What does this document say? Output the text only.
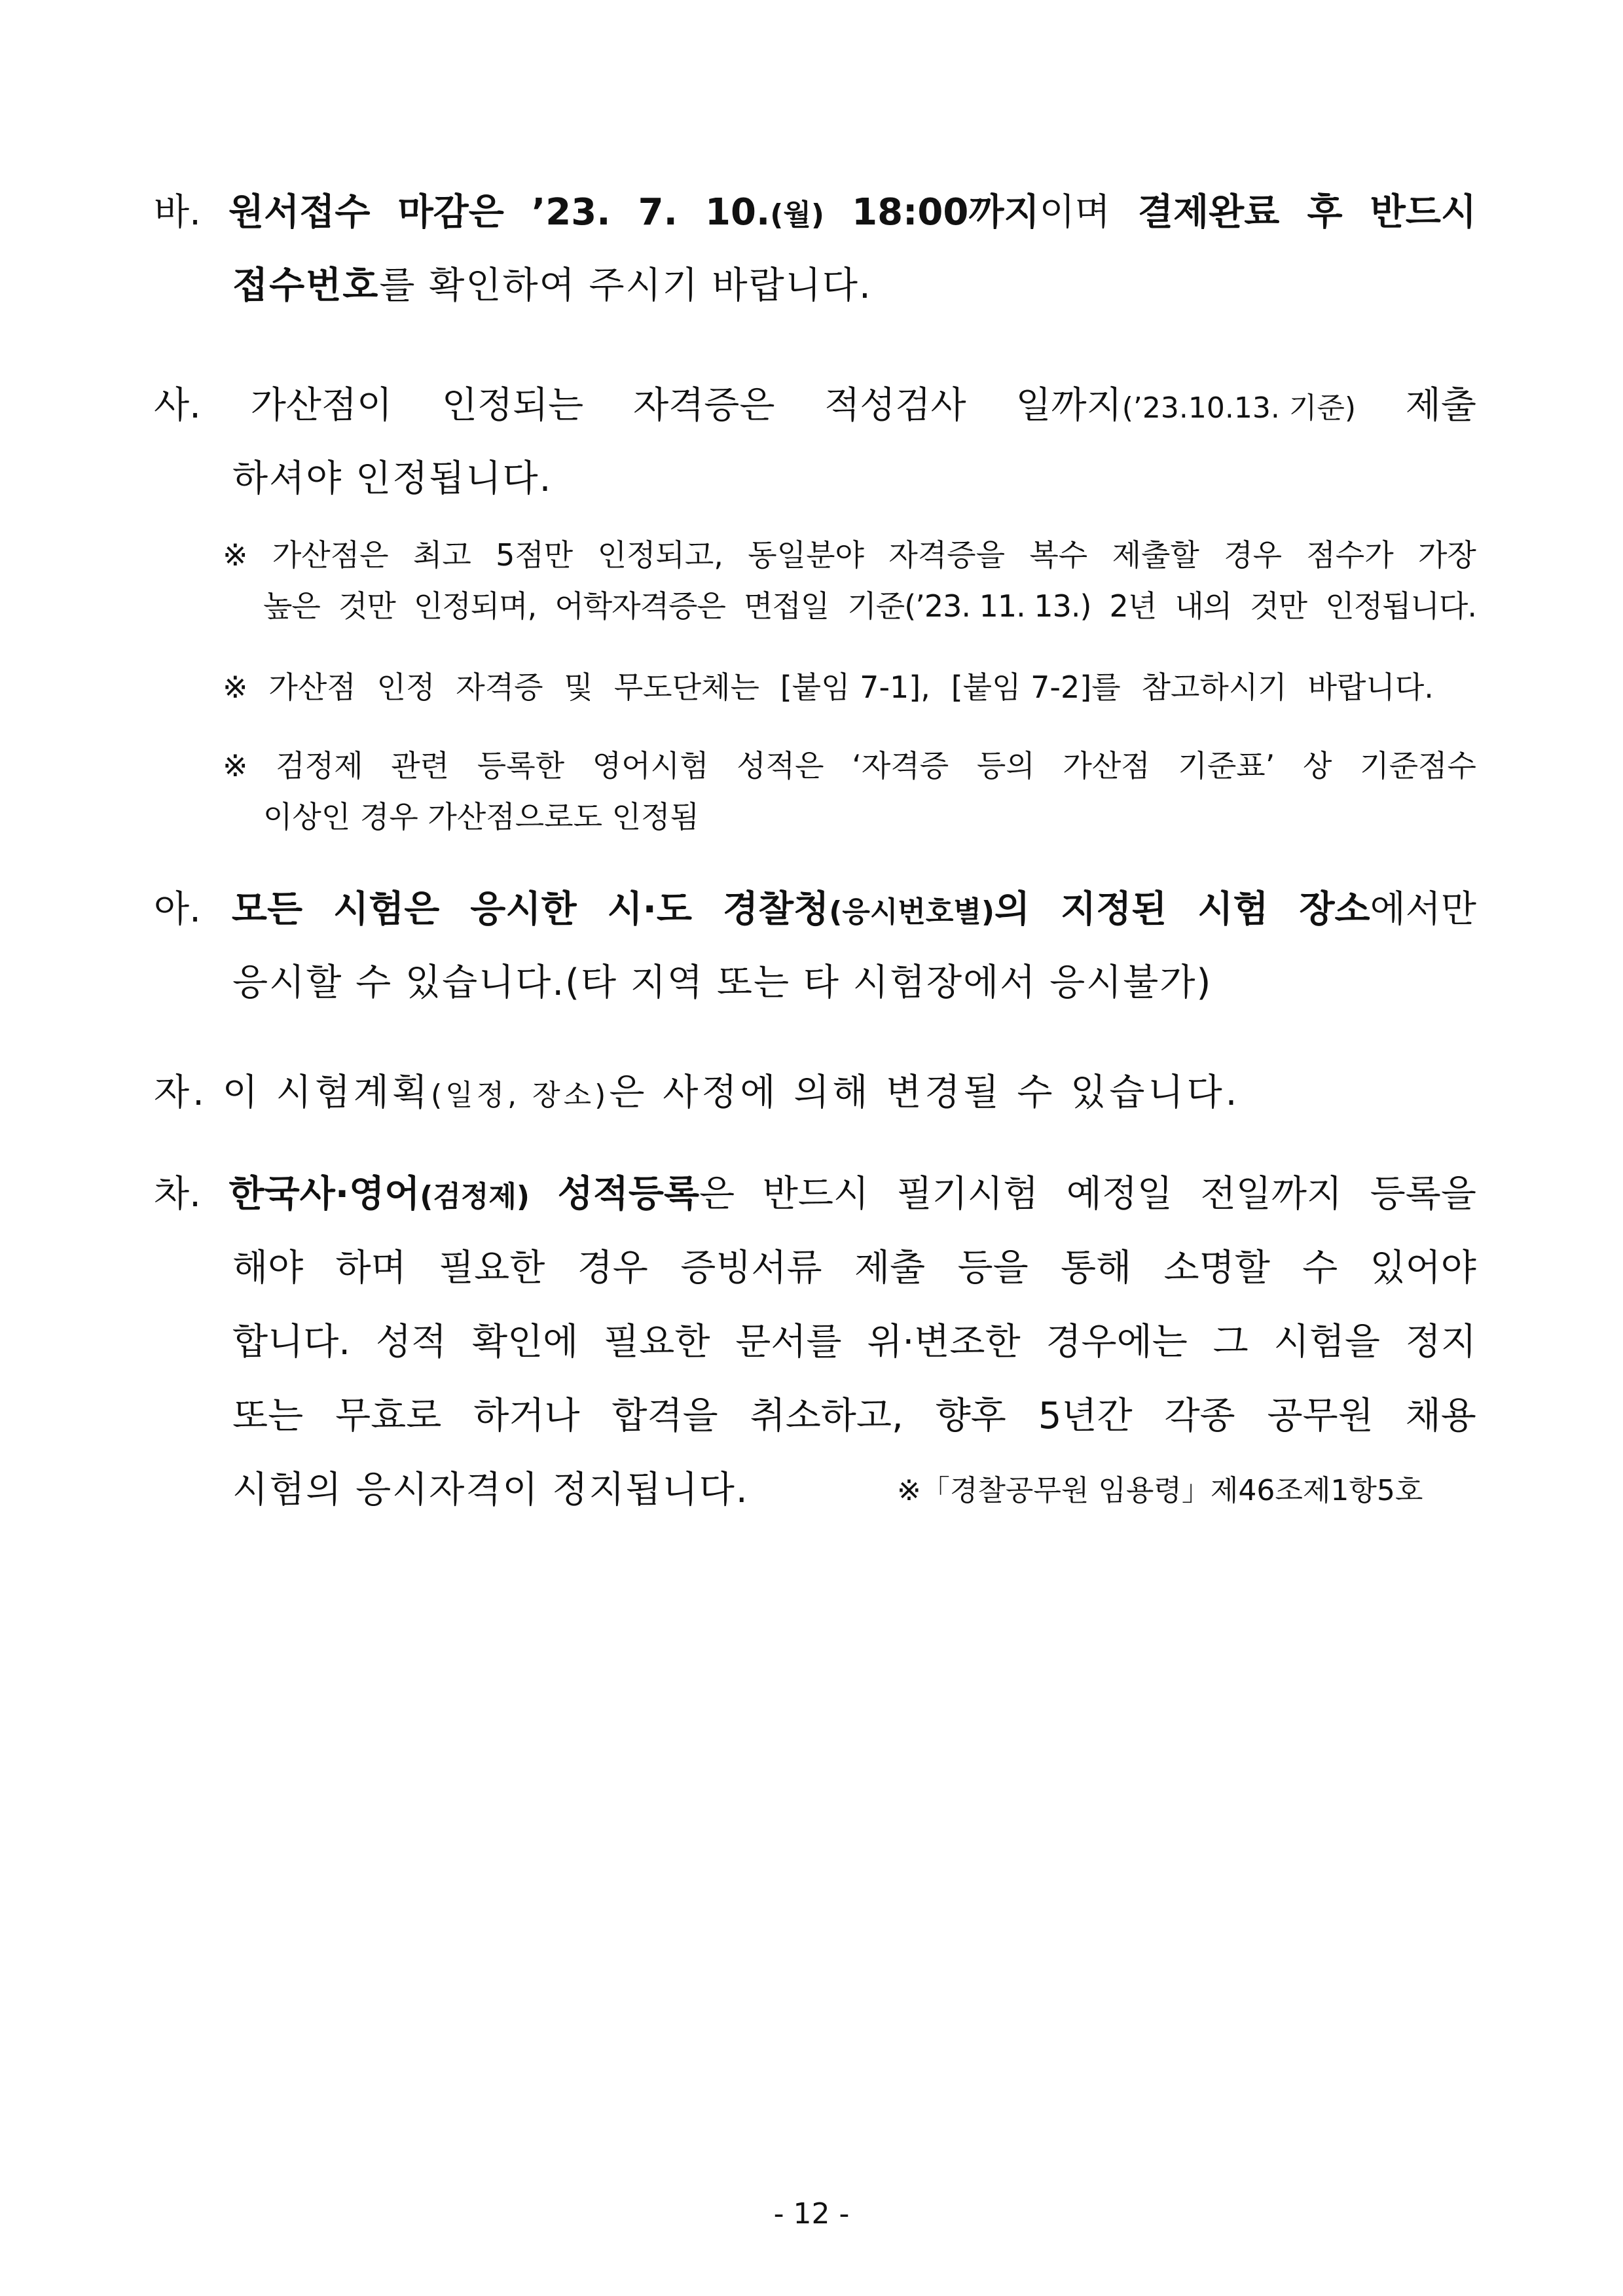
바. 원서접수 마감은 ’23. 7. 10.(월) 18:00까지이며 결제완료 후 반드시
접수번호를 확인하여 주시기 바랍니다.
사. 가산점이 인정되는 자격증은 적성검사 일까지(’23.10.13. 기준) 제출
하셔야 인정됩니다.
※ 가산점은 최고 5점만 인정되고, 동일분야 자격증을 복수 제출할 경우 점수가 가장
높은 것만 인정되며, 어학자격증은 면접일 기준(’23. 11. 13.) 2년 내의 것만 인정됩니다.
※ 가산점 인정 자격증 및 무도단체는 [붙임 7-1], [붙임 7-2]를 참고하시기 바랍니다.
※ 검정제 관련 등록한 영어시험 성적은 ‘자격증 등의 가산점 기준표’ 상 기준점수
이상인 경우 가산점으로도 인정됨
아. 모든 시험은 응시한 시·도 경찰청(응시번호별)의 지정된 시험 장소에서만
응시할 수 있습니다.(타 지역 또는 타 시험장에서 응시불가)
자. 이 시험계획(일정, 장소)은 사정에 의해 변경될 수 있습니다.
차. 한국사·영어(검정제) 성적등록은 반드시 필기시험 예정일 전일까지 등록을
해야 하며 필요한 경우 증빙서류 제출 등을 통해 소명할 수 있어야
합니다. 성적 확인에 필요한 문서를 위·변조한 경우에는 그 시험을 정지
또는 무효로 하거나 합격을 취소하고, 향후 5년간 각종 공무원 채용
시험의 응시자격이 정지됩니다.	※「경찰공무원 임용령」제46조제1항5호
- 12 -
